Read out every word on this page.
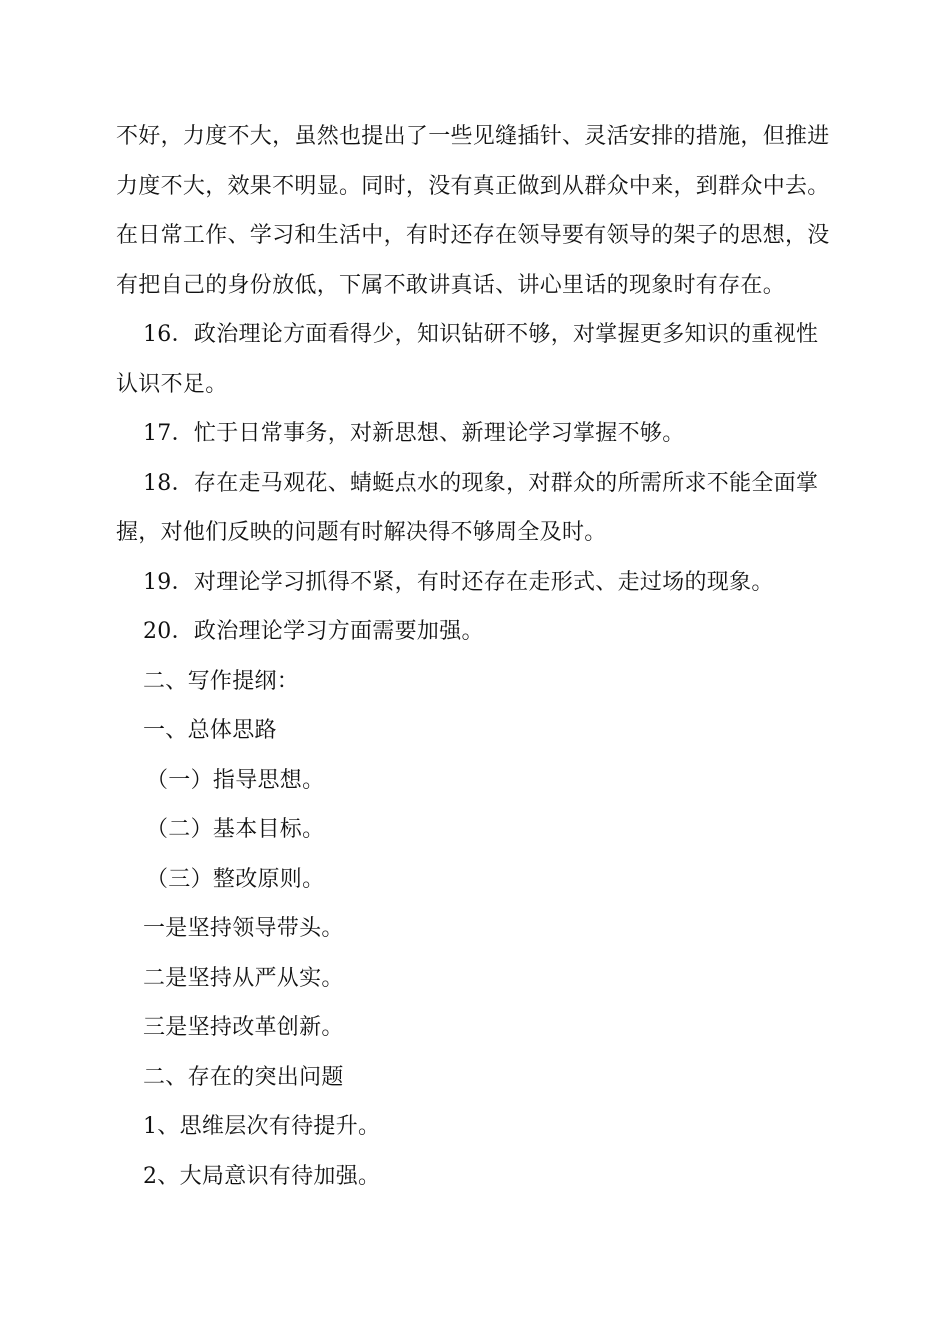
不好，力度不大，虽然也提出了一些见缝插针、灵活安排的措施，但推进力度不大，效果不明显。同时，没有真正做到从群众中来，到群众中去。在日常工作、学习和生活中，有时还存在领导要有领导的架子的思想，没有把自己的身份放低，下属不敢讲真话、讲心里话的现象时有存在。

16．政治理论方面看得少，知识钻研不够，对掌握更多知识的重视性认识不足。

17．忙于日常事务，对新思想、新理论学习掌握不够。

18．存在走马观花、蜻蜓点水的现象，对群众的所需所求不能全面掌握，对他们反映的问题有时解决得不够周全及时。

19．对理论学习抓得不紧，有时还存在走形式、走过场的现象。

20．政治理论学习方面需要加强。

二、写作提纲：

一、总体思路

（一）指导思想。

（二）基本目标。

（三）整改原则。

一是坚持领导带头。

二是坚持从严从实。

三是坚持改革创新。

二、存在的突出问题

1、思维层次有待提升。

2、大局意识有待加强。
